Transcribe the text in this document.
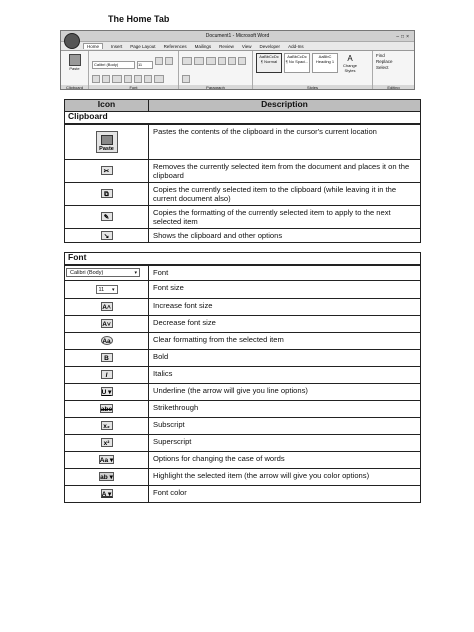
The Home Tab
Document1 - Microsoft Word	–□×
Home	Insert Page Layout References Mailings Review View Developer Add-Ins
Paste
Clipboard
Calibri (Body)	11

Font	Paragraph
AaBbCcDc
¶ NormalAaBbCcDc
¶ No Spaci...AaBbC
Heading 1	A
Change Styles
Styles
Find
Replace
Select
Editing
Icon	Description
Clipboard	

Paste	Pastes the contents of the clipboard in the cursor's current location
✂	Removes the currently selected item from the document and places it on the clipboard
⧉	Copies the currently selected item to the clipboard (while leaving it in the current document also)
✎	Copies the formatting of the currently selected item to apply to the next selected item
↘	Shows the clipboard and other options
Font	

Calibri (Body) ▾	Font
11 ▾	Font size
A˄	Increase font size
A˅	Decrease font size
Aa	Clear formatting from the selected item
B	Bold
I	Italics
U ▾	Underline (the arrow will give you line options)
abe	Strikethrough
x₂	Subscript
x²	Superscript
Aa ▾	Options for changing the case of words
ab ▾	Highlight the selected item (the arrow will give you color options)
A ▾	Font color
